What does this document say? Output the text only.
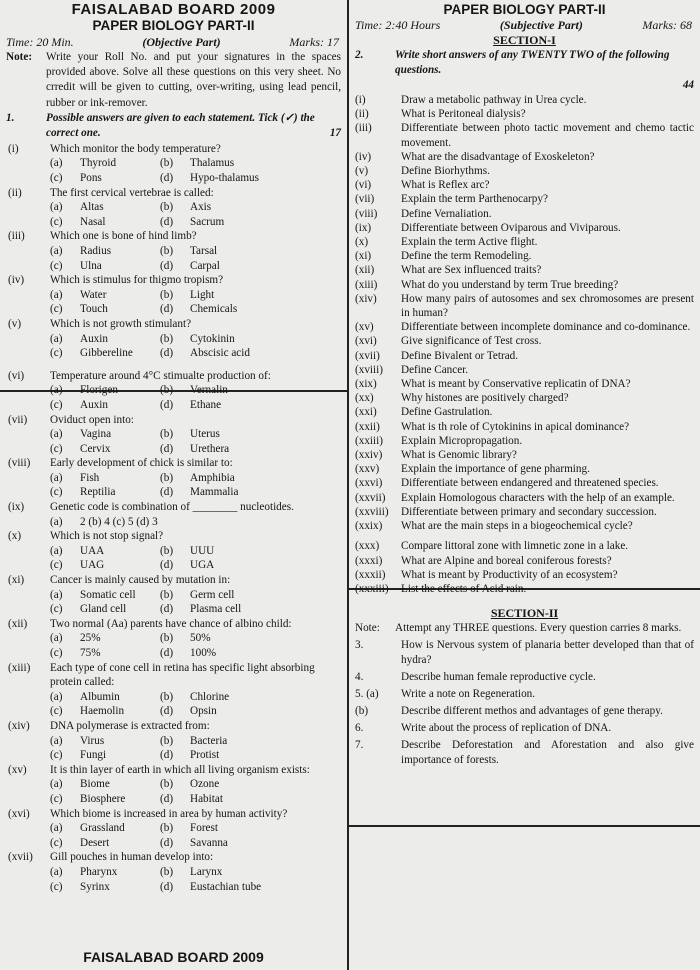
FAISALABAD BOARD 2009
PAPER BIOLOGY PART-II
Time: 20 Min.	(Objective Part)	Marks: 17
Note:	Write your Roll No. and put your signatures in the spaces provided above. Solve all these questions on this very sheet. No crredit will be given to cutting, over-writing, using lead pencil, rubber or ink-remover.
1.	Possible answers are given to each statement. Tick (✓) the correct one.	17
(i)	Which monitor the body temperature?
(a)	Thyroid	(b)	Thalamus
(c)	Pons	(d)	Hypo-thalamus
(ii)	The first cervical vertebrae is called:
(a)	Altas	(b)	Axis
(c)	Nasal	(d)	Sacrum
(iii)	Which one is bone of hind limb?
(a)	Radius	(b)	Tarsal
(c)	Ulna	(d)	Carpal
(iv)	Which is stimulus for thigmo tropism?
(a)	Water	(b)	Light
(c)	Touch	(d)	Chemicals
(v)	Which is not growth stimulant?
(a)	Auxin	(b)	Cytokinin
(c)	Gibbereline	(d)	Abscisic acid
(vi)	Temperature around 4°C stimualte production of:
(a)	Florigen	(b)	Vernalin
(c)	Auxin	(d)	Ethane
(vii)	Oviduct open into:
(a)	Vagina	(b)	Uterus
(c)	Cervix	(d)	Urethera
(viii)	Early development of chick is similar to:
(a)	Fish	(b)	Amphibia
(c)	Reptilia	(d)	Mammalia
(ix)	Genetic code is combination of ________ nucleotides.
(a)	2 (b) 4 (c) 5 (d) 3
(x)	Which is not stop signal?
(a)	UAA	(b)	UUU
(c)	UAG	(d)	UGA
(xi)	Cancer is mainly caused by mutation in:
(a)	Somatic cell	(b)	Germ cell
(c)	Gland cell	(d)	Plasma cell
(xii)	Two normal (Aa) parents have chance of albino child:
(a)	25%	(b)	50%
(c)	75%	(d)	100%
(xiii)	Each type of cone cell in retina has specific light absorbing protein called:
(a)	Albumin	(b)	Chlorine
(c)	Haemolin	(d)	Opsin
(xiv)	DNA polymerase is extracted from:
(a)	Virus	(b)	Bacteria
(c)	Fungi	(d)	Protist
(xv)	It is thin layer of earth in which all living organism exists:
(a)	Biome	(b)	Ozone
(c)	Biosphere	(d)	Habitat
(xvi)	Which biome is increased in area by human activity?
(a)	Grassland	(b)	Forest
(c)	Desert	(d)	Savanna
(xvii)	Gill pouches in human develop into:
(a)	Pharynx	(b)	Larynx
(c)	Syrinx	(d)	Eustachian tube
FAISALABAD BOARD 2009
PAPER BIOLOGY PART-II
Time: 2:40 Hours	(Subjective Part)	Marks: 68
SECTION-I
2.	Write short answers of any TWENTY TWO of the following questions.
44
(i)	Draw a metabolic pathway in Urea cycle.
(ii)	What is Peritoneal dialysis?
(iii)	Differentiate between photo tactic movement and chemo tactic movement.
(iv)	What are the disadvantage of Exoskeleton?
(v)	Define Biorhythms.
(vi)	What is Reflex arc?
(vii)	Explain the term Parthenocarpy?
(viii)	Define Vernaliation.
(ix)	Differentiate between Oviparous and Viviparous.
(x)	Explain the term Active flight.
(xi)	Define the term Remodeling.
(xii)	What are Sex influenced traits?
(xiii)	What do you understand by term True breeding?
(xiv)	How many pairs of autosomes and sex chromosomes are present in human?
(xv)	Differentiate between incomplete dominance and co-dominance.
(xvi)	Give significance of Test cross.
(xvii)	Define Bivalent or Tetrad.
(xviii)	Define Cancer.
(xix)	What is meant by Conservative replicatin of DNA?
(xx)	Why histones are positively charged?
(xxi)	Define Gastrulation.
(xxii)	What is th role of Cytokinins in apical dominance?
(xxiii)	Explain Micropropagation.
(xxiv)	What is Genomic library?
(xxv)	Explain the importance of gene pharming.
(xxvi)	Differentiate between endangered and threatened species.
(xxvii)	Explain Homologous characters with the help of an example.
(xxviii)	Differentiate between primary and secondary succession.
(xxix)	What are the main steps in a biogeochemical cycle?
(xxx)	Compare littoral zone with limnetic zone in a lake.
(xxxi)	What are Alpine and boreal coniferous forests?
(xxxii)	What is meant by Productivity of an ecosystem?
(xxxiii)	List the effects of Acid rain.
SECTION-II
Note:	Attempt any THREE questions. Every question carries 8 marks.
3.	How is Nervous system of planaria better developed than that of hydra?
4.	Describe human female reproductive cycle.
5. (a)	Write a note on Regeneration.
(b)	Describe different methos and advantages of gene therapy.
6.	Write about the process of replication of DNA.
7.	Describe Deforestation and Aforestation and also give importance of forests.
